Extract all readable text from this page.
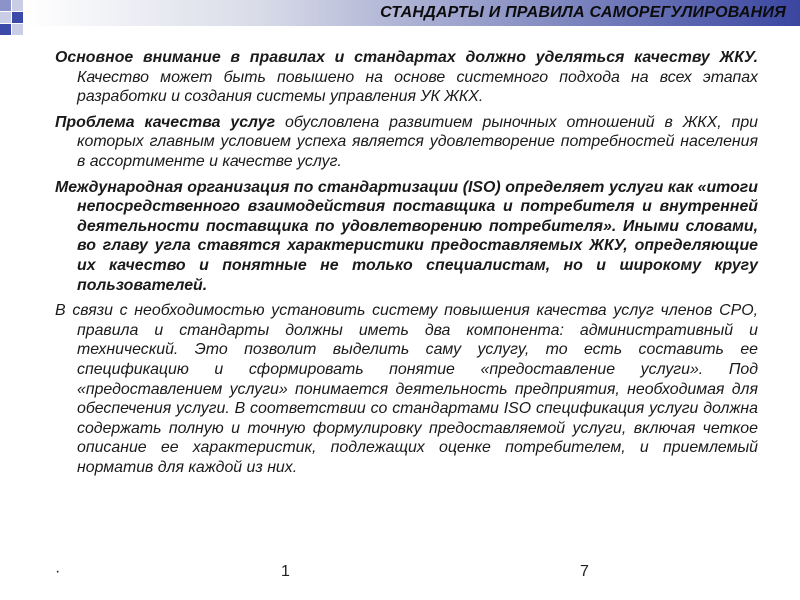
СТАНДАРТЫ И ПРАВИЛА САМОРЕГУЛИРОВАНИЯ

Основное внимание в правилах и стандартах должно уделяться качеству ЖКУ. Качество может быть повышено на основе системного подхода на всех этапах разработки и создания системы управления УК ЖКХ.

Проблема качества услуг обусловлена развитием рыночных отношений в ЖКХ, при которых главным условием успеха является удовлетворение потребностей населения в ассортименте и качестве услуг.

Международная организация по стандартизации (ISO) определяет услуги как «итоги непосредственного взаимодействия поставщика и потребителя и внутренней деятельности поставщика по удовлетворению потребителя». Иными словами, во главу угла ставятся характеристики предоставляемых ЖКУ, определяющие их качество и понятные не только специалистам, но и широкому кругу пользователей.

В связи с необходимостью установить систему повышения качества услуг членов СРО, правила и стандарты должны иметь два компонента: административный и технический. Это позволит выделить саму услугу, то есть составить ее спецификацию и сформировать понятие «предоставление услуги». Под «предоставлением услуги» понимается деятельность предприятия, необходимая для обеспечения услуги. В соответствии со стандартами ISO спецификация услуги должна содержать полную и точную формулировку предоставляемой услуги, включая четкое описание ее характеристик, подлежащих оценке потребителем, и приемлемый норматив для каждой из них.

·	1	7
